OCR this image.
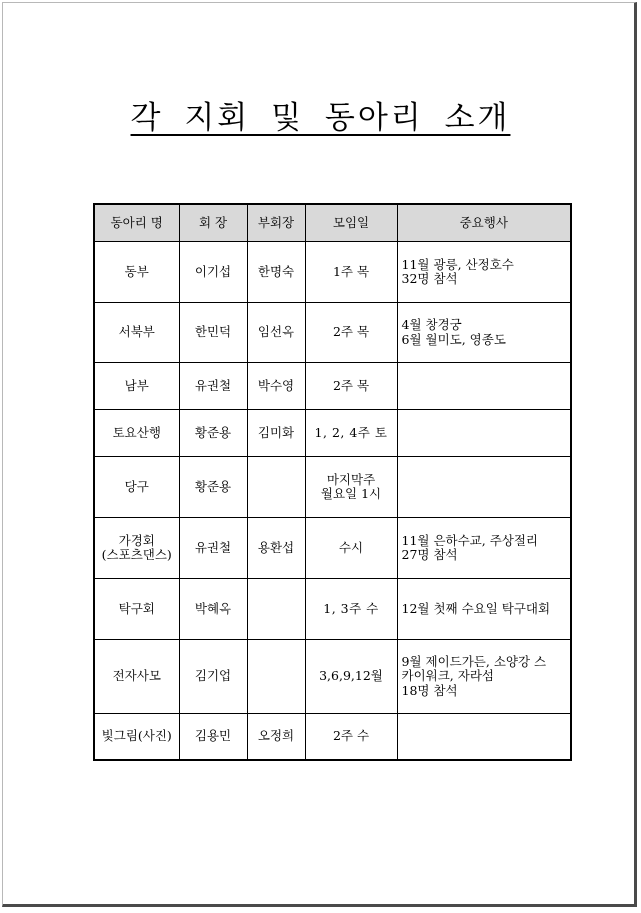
각 지회 및 동아리 소개
동아리 명	회 장	부회장	모임일	중요행사
동부	이기섭	한명숙	1주 목	11월 광릉, 산정호수
32명 참석
서북부	한민덕	임선옥	2주 목	4월 창경궁
6월 월미도, 영종도
남부	유권철	박수영	2주 목	
토요산행	황준용	김미화	1, 2, 4주 토	
당구	황준용		마지막주
월요일 1시	
가경회
(스포츠댄스)	유권철	용환섭	수시	11월 은하수교, 주상절리
27명 참석
탁구회	박혜옥		1, 3주 수	12월 첫째 수요일 탁구대회
전자사모	김기업		3,6,9,12월	9월 제이드가든, 소양강 스
카이워크, 자라섬
18명 참석
빛그림(사진)	김용민	오정희	2주 수	
